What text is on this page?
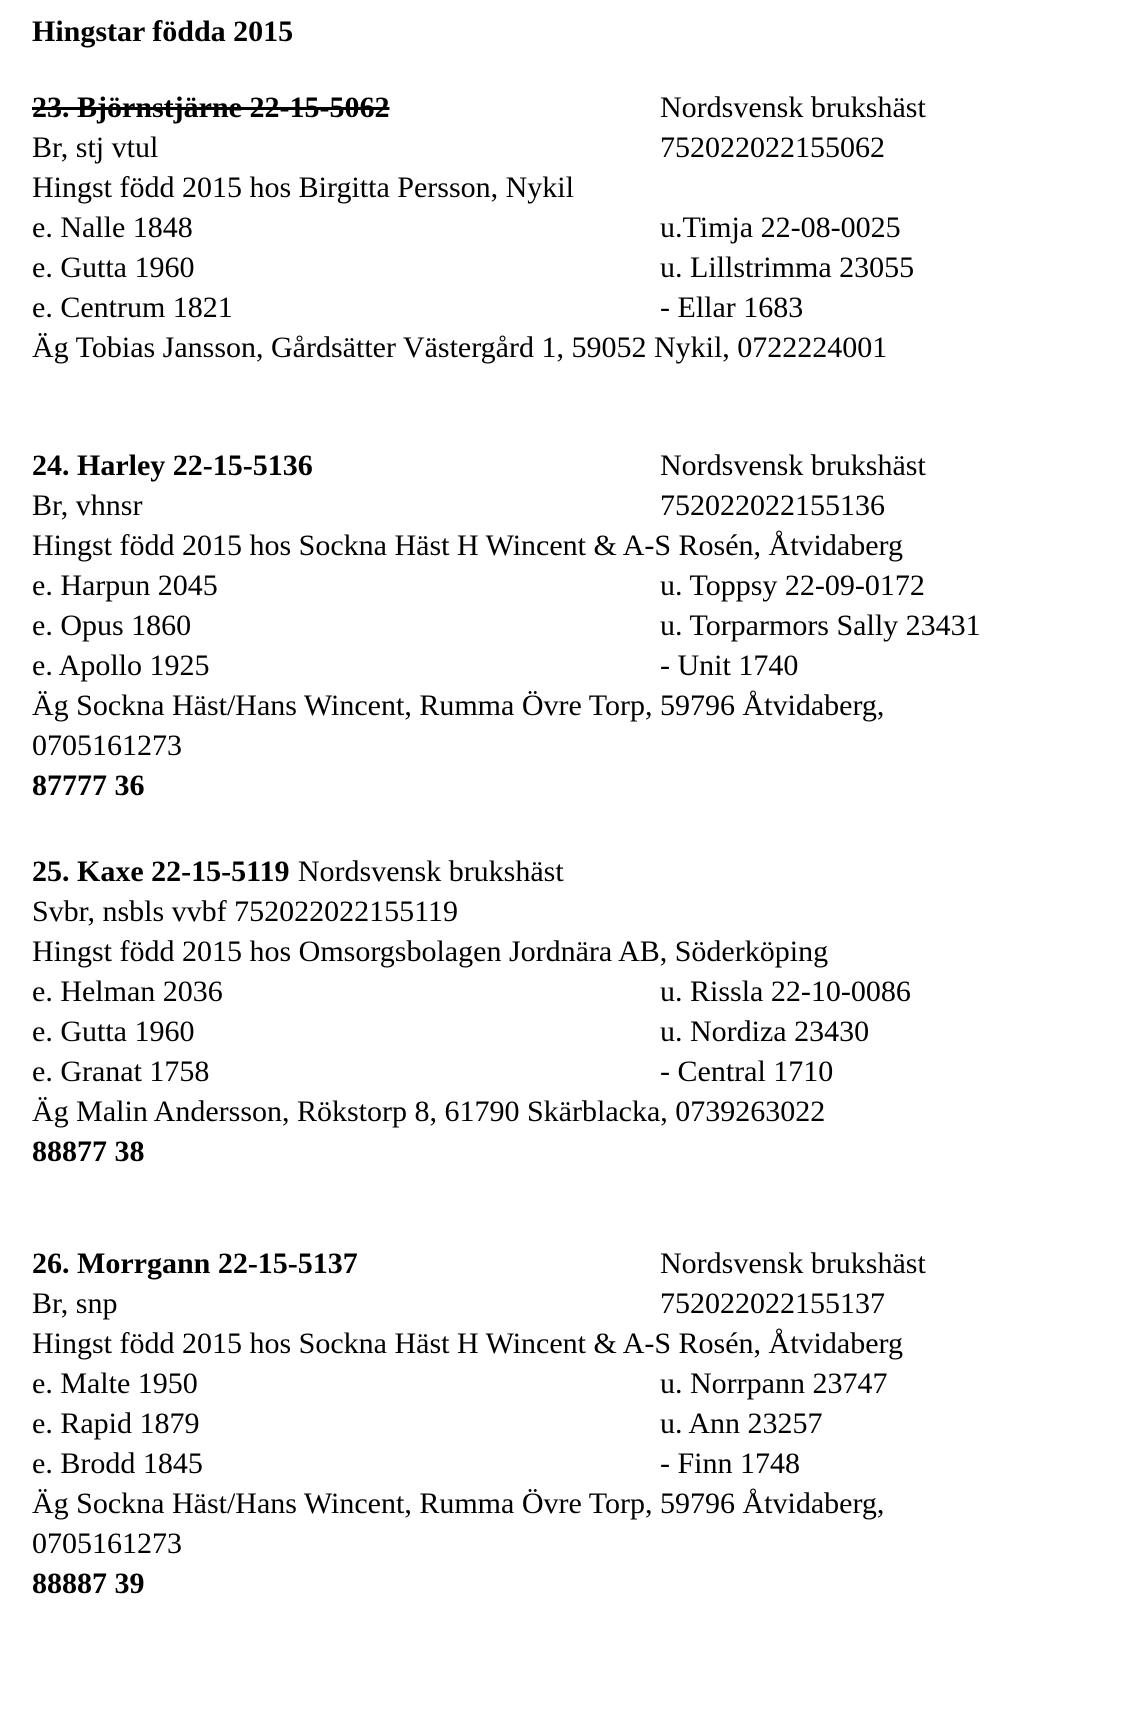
Hingstar födda 2015
23. Björnstjärne 22-15-5062	Nordsvensk brukshäst
Br, stj vtul	752022022155062
Hingst född 2015 hos Birgitta Persson, Nykil
e. Nalle 1848	u.Timja 22-08-0025
e. Gutta 1960	u. Lillstrimma 23055
e. Centrum 1821	- Ellar 1683
Äg Tobias Jansson, Gårdsätter Västergård 1, 59052 Nykil, 0722224001
24. Harley 22-15-5136	Nordsvensk brukshäst
Br, vhnsr	752022022155136
Hingst född 2015 hos Sockna Häst H Wincent & A-S Rosén, Åtvidaberg
e. Harpun 2045	u. Toppsy 22-09-0172
e. Opus 1860	u. Torparmors Sally 23431
e. Apollo 1925	- Unit 1740
Äg Sockna Häst/Hans Wincent, Rumma Övre Torp, 59796 Åtvidaberg,
0705161273
87777 36
25. Kaxe 22-15-5119 Nordsvensk brukshäst
Svbr, nsbls vvbf 752022022155119
Hingst född 2015 hos Omsorgsbolagen Jordnära AB, Söderköping
e. Helman 2036	u. Rissla 22-10-0086
e. Gutta 1960	u. Nordiza 23430
e. Granat 1758	- Central 1710
Äg Malin Andersson, Rökstorp 8, 61790 Skärblacka, 0739263022
88877 38
26. Morrgann 22-15-5137	Nordsvensk brukshäst
Br, snp	752022022155137
Hingst född 2015 hos Sockna Häst H Wincent & A-S Rosén, Åtvidaberg
e. Malte 1950	u. Norrpann 23747
e. Rapid 1879	u. Ann 23257
e. Brodd 1845	- Finn 1748
Äg Sockna Häst/Hans Wincent, Rumma Övre Torp, 59796 Åtvidaberg,
0705161273
88887 39
